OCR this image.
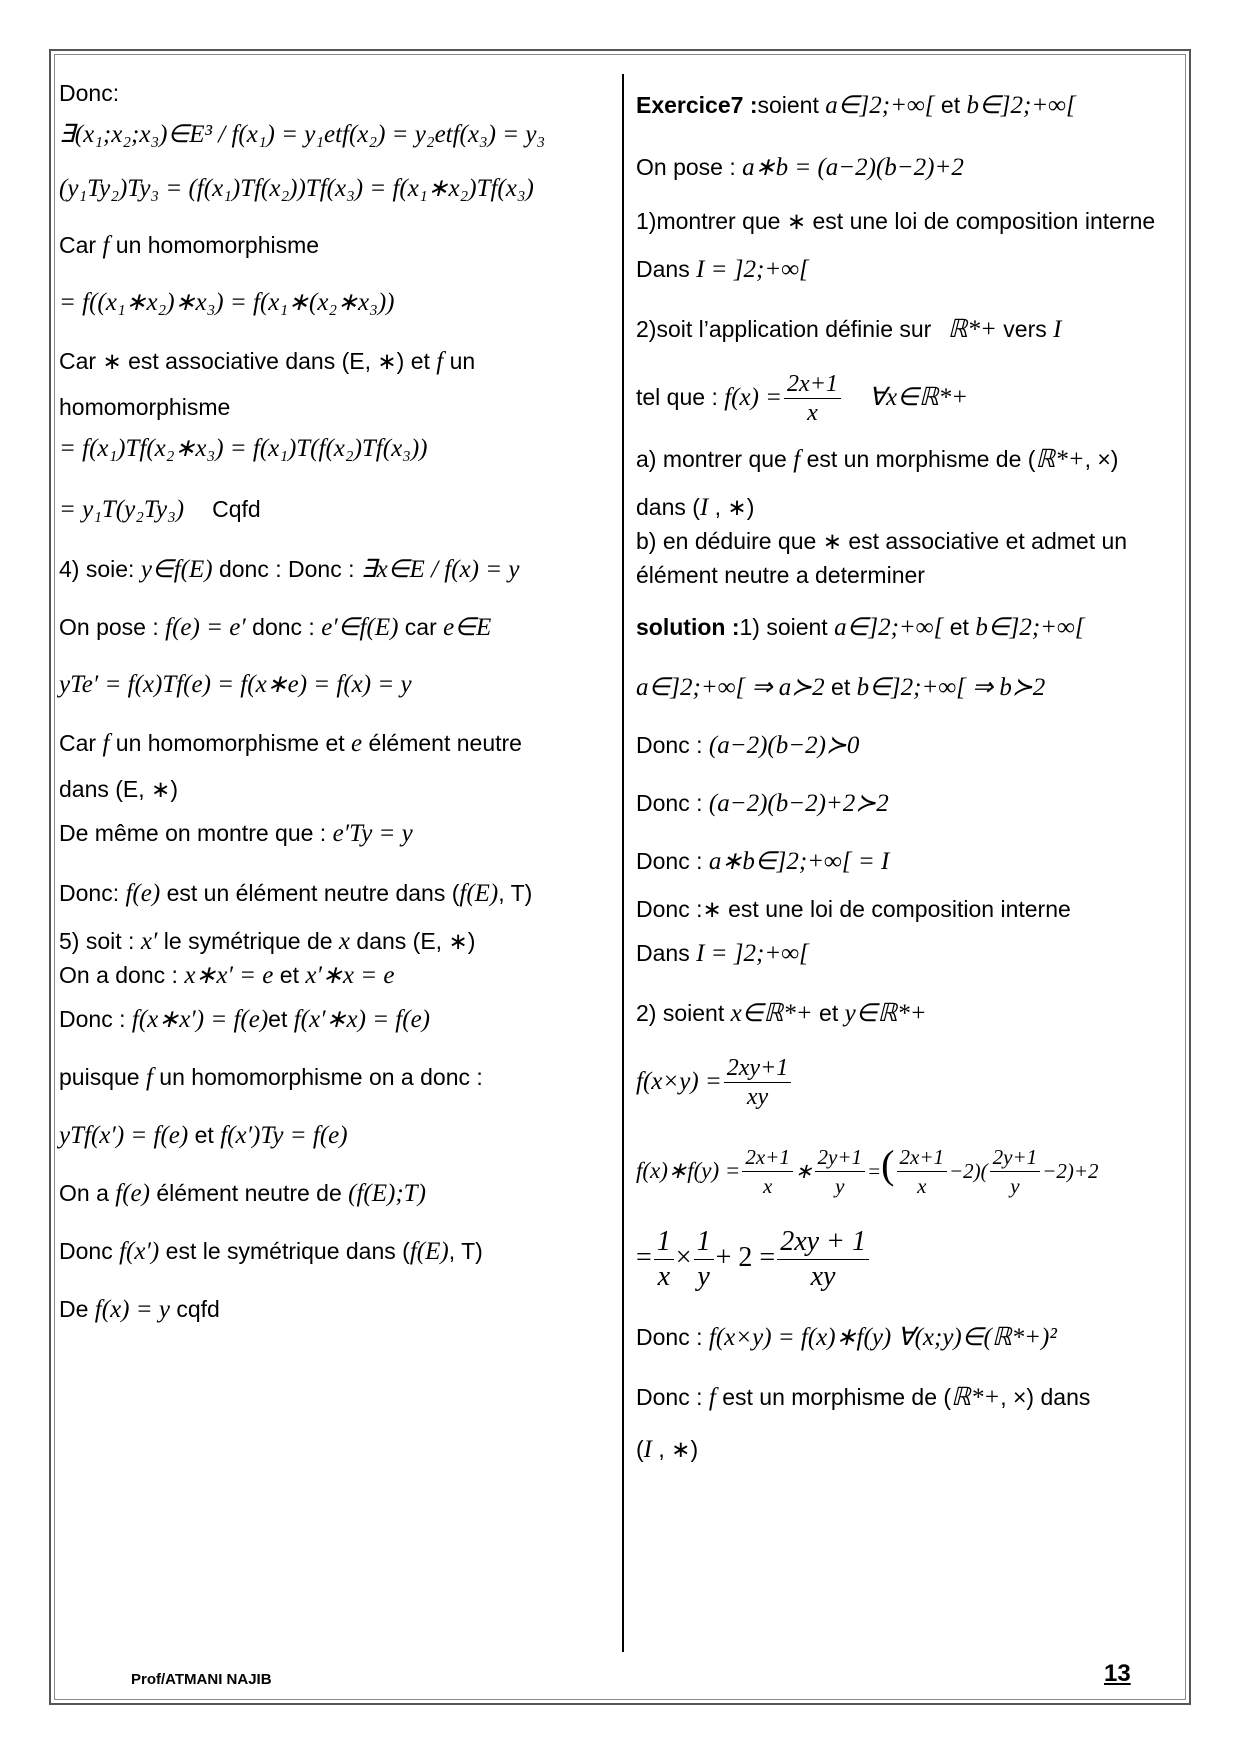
Donc:
∃(x₁;x₂;x₃)∈E³ / f(x₁) = y₁etf(x₂) = y₂etf(x₃) = y₃
(y₁Ty₂)Ty₃ = (f(x₁)Tf(x₂))Tf(x₃) = f(x₁∗x₂)Tf(x₃)
Car f un homomorphisme
= f((x₁∗x₂)∗x₃) = f(x₁∗(x₂∗x₃))
Car ∗ est associative dans (E, ∗) et f un
homomorphisme
= f(x₁)Tf(x₂∗x₃) = f(x₁)T(f(x₂)Tf(x₃))
= y₁T(y₂Ty₃) Cqfd
4) soie: y∈f(E) donc : Donc : ∃x∈E / f(x) = y
On pose : f(e) = e′ donc : e′∈f(E) car e∈E
yTe′ = f(x)Tf(e) = f(x∗e) = f(x) = y
Car f un homomorphisme et e élément neutre
dans (E, ∗)
De même on montre que : e′Ty = y
Donc: f(e) est un élément neutre dans (f(E), T)
5) soit : x′ le symétrique de x dans (E, ∗)
On a donc : x∗x′ = e et x′∗x = e
Donc : f(x∗x′) = f(e)et f(x′∗x) = f(e)
puisque f un homomorphisme on a donc :
yTf(x′) = f(e) et f(x′)Ty = f(e)
On a f(e) élément neutre de (f(E);T)
Donc f(x′) est le symétrique dans (f(E), T)
De f(x) = y cqfd
Exercice7 :soient a∈]2;+∞[ et b∈]2;+∞[
On pose : a∗b = (a−2)(b−2)+2
1)montrer que ∗ est une loi de composition interne
Dans I = ]2;+∞[
2)soit l’application définie sur ℝ*+ vers I
tel que : $f(x) = \frac{2x+1}{x}$ ∀x∈ℝ*+
a) montrer que f est un morphisme de (ℝ*+, ×)
dans (I , ∗)
b) en déduire que ∗ est associative et admet un
élément neutre a determiner
solution :1) soient a∈]2;+∞[ et b∈]2;+∞[
a∈]2;+∞[ ⇒ a≻2 et b∈]2;+∞[ ⇒ b≻2
Donc : (a−2)(b−2)≻0
Donc : (a−2)(b−2)+2≻2
Donc : a∗b∈]2;+∞[ = I
Donc :∗ est une loi de composition interne
Dans I = ]2;+∞[
2) soient x∈ℝ*+ et y∈ℝ*+
$f(x\times y) = \frac{2xy+1}{xy}$
f(x)∗f(y) = $\frac{2x+1}{x}$ ∗ $\frac{2y+1}{y}$ =( $\frac{2x+1}{x} -2)( \frac{2y+1}{y} -2)+2$
= $\frac{1}{x} \times \frac{1}{y} + 2 = \frac{2xy + 1}{xy}$
Donc : f(x×y) = f(x)∗f(y) ∀(x;y)∈(ℝ*+)²
Donc : f est un morphisme de (ℝ*+, ×) dans
(I , ∗)
Prof/ATMANI NAJIB	13
